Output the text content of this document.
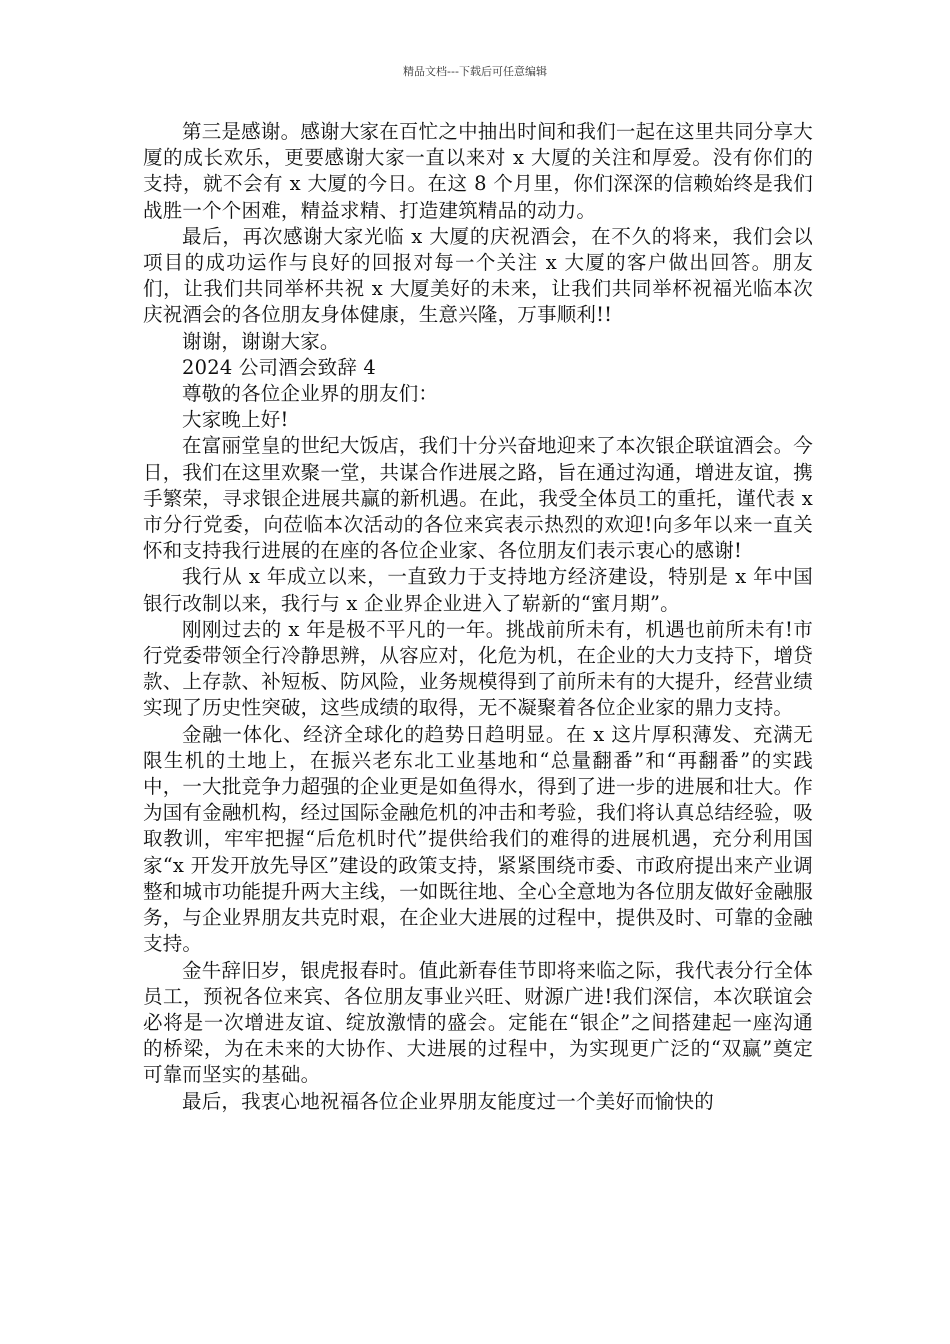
精品文档---下载后可任意编辑

第三是感谢。感谢大家在百忙之中抽出时间和我们一起在这里共同分享大厦的成长欢乐，更要感谢大家一直以来对 x 大厦的关注和厚爱。没有你们的支持，就不会有 x 大厦的今日。在这 8 个月里，你们深深的信赖始终是我们战胜一个个困难，精益求精、打造建筑精品的动力。

最后，再次感谢大家光临 x 大厦的庆祝酒会，在不久的将来，我们会以项目的成功运作与良好的回报对每一个关注 x 大厦的客户做出回答。朋友们，让我们共同举杯共祝 x 大厦美好的未来，让我们共同举杯祝福光临本次庆祝酒会的各位朋友身体健康，生意兴隆，万事顺利!!

谢谢，谢谢大家。

2024 公司酒会致辞 4

尊敬的各位企业界的朋友们：

大家晚上好!

在富丽堂皇的世纪大饭店，我们十分兴奋地迎来了本次银企联谊酒会。今日，我们在这里欢聚一堂，共谋合作进展之路，旨在通过沟通，增进友谊，携手繁荣，寻求银企进展共赢的新机遇。在此，我受全体员工的重托，谨代表 x 市分行党委，向莅临本次活动的各位来宾表示热烈的欢迎!向多年以来一直关怀和支持我行进展的在座的各位企业家、各位朋友们表示衷心的感谢!

我行从 x 年成立以来，一直致力于支持地方经济建设，特别是 x 年中国银行改制以来，我行与 x 企业界企业进入了崭新的“蜜月期”。

刚刚过去的 x 年是极不平凡的一年。挑战前所未有，机遇也前所未有!市行党委带领全行冷静思辨，从容应对，化危为机，在企业的大力支持下，增贷款、上存款、补短板、防风险，业务规模得到了前所未有的大提升，经营业绩实现了历史性突破，这些成绩的取得，无不凝聚着各位企业家的鼎力支持。

金融一体化、经济全球化的趋势日趋明显。在 x 这片厚积薄发、充满无限生机的土地上，在振兴老东北工业基地和“总量翻番”和“再翻番”的实践中，一大批竞争力超强的企业更是如鱼得水，得到了进一步的进展和壮大。作为国有金融机构，经过国际金融危机的冲击和考验，我们将认真总结经验，吸取教训，牢牢把握“后危机时代”提供给我们的难得的进展机遇，充分利用国家“x 开发开放先导区”建设的政策支持，紧紧围绕市委、市政府提出来产业调整和城市功能提升两大主线，一如既往地、全心全意地为各位朋友做好金融服务，与企业界朋友共克时艰，在企业大进展的过程中，提供及时、可靠的金融支持。

金牛辞旧岁，银虎报春时。值此新春佳节即将来临之际，我代表分行全体员工，预祝各位来宾、各位朋友事业兴旺、财源广进!我们深信，本次联谊会必将是一次增进友谊、绽放激情的盛会。定能在“银企”之间搭建起一座沟通的桥梁，为在未来的大协作、大进展的过程中，为实现更广泛的“双赢”奠定可靠而坚实的基础。

最后，我衷心地祝福各位企业界朋友能度过一个美好而愉快的
